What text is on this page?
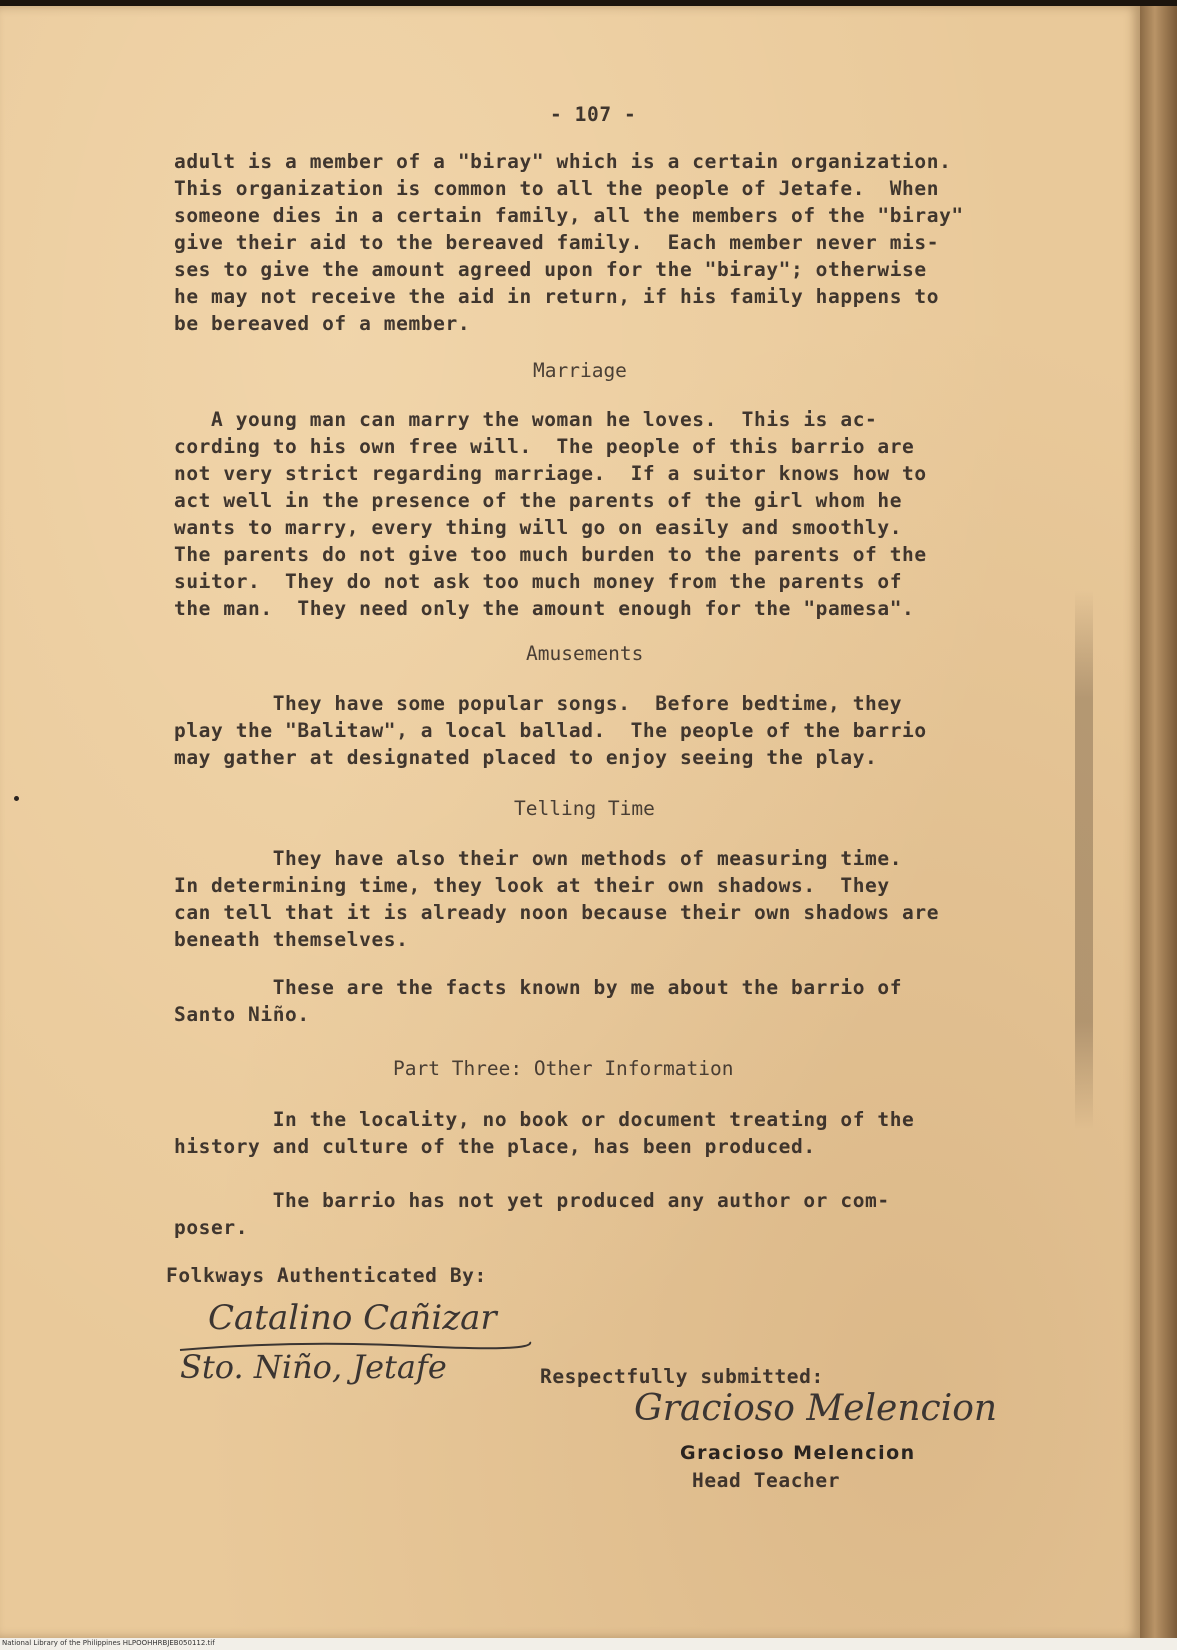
- 107 -
adult is a member of a "biray" which is a certain organization.
This organization is common to all the people of Jetafe.  When
someone dies in a certain family, all the members of the "biray"
give their aid to the bereaved family.  Each member never mis-
ses to give the amount agreed upon for the "biray"; otherwise
he may not receive the aid in return, if his family happens to
be bereaved of a member.
Marriage
A young man can marry the woman he loves.  This is ac-
cording to his own free will.  The people of this barrio are
not very strict regarding marriage.  If a suitor knows how to
act well in the presence of the parents of the girl whom he
wants to marry, every thing will go on easily and smoothly.
The parents do not give too much burden to the parents of the
suitor.  They do not ask too much money from the parents of
the man.  They need only the amount enough for the "pamesa".
Amusements
They have some popular songs.  Before bedtime, they
play the "Balitaw", a local ballad.  The people of the barrio
may gather at designated placed to enjoy seeing the play.
Telling Time
They have also their own methods of measuring time.
In determining time, they look at their own shadows.  They
can tell that it is already noon because their own shadows are
beneath themselves.
These are the facts known by me about the barrio of
Santo Niño.
Part Three: Other Information
In the locality, no book or document treating of the
history and culture of the place, has been produced.
The barrio has not yet produced any author or com-
poser.
Folkways Authenticated By:
Catalino Cañizar
Sto. Niño, Jetafe	Respectfully submitted:
Gracioso Melencion
Gracioso Melencion
Head Teacher
National Library of the Philippines HLPOOHHRBJEB050112.tif
